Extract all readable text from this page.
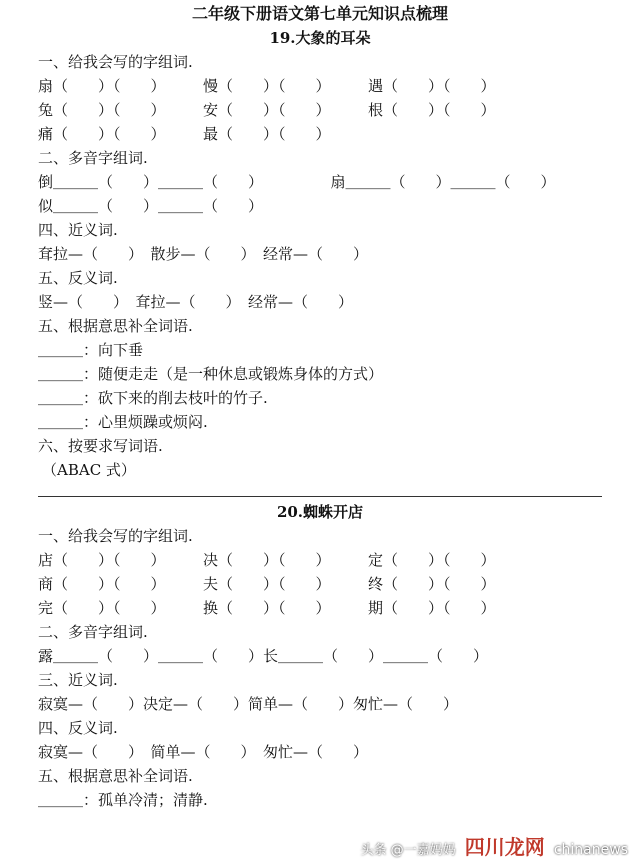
二年级下册语文第七单元知识点梳理
19.大象的耳朵
一、给我会写的字组词.
扇（　　）（　　）　　　慢（　　）（　　）　　　遇（　　）（　　）
兔（　　）（　　）　　　安（　　）（　　）　　　根（　　）（　　）
痛（　　）（　　）　　　最（　　）（　　）
二、多音字组词.
倒＿＿＿（　　）＿＿＿（　　）　　　　　扇＿＿＿（　　）＿＿＿（　　）
似＿＿＿（　　）＿＿＿（　　）
四、近义词.
耷拉—（　　）　散步—（　　）　经常—（　　）
五、反义词.
竖—（　　）　耷拉—（　　）　经常—（　　）
五、根据意思补全词语.
＿＿＿：向下垂
＿＿＿：随便走走（是一种休息或锻炼身体的方式）
＿＿＿：砍下来的削去枝叶的竹子.
＿＿＿：心里烦躁或烦闷.
六、按要求写词语.
（ABAC 式）
20.蜘蛛开店
一、给我会写的字组词.
店（　　）（　　）　　　决（　　）（　　）　　　定（　　）（　　）
商（　　）（　　）　　　夫（　　）（　　）　　　终（　　）（　　）
完（　　）（　　）　　　换（　　）（　　）　　　期（　　）（　　）
二、多音字组词.
露＿＿＿（　　）＿＿＿（　　）长＿＿＿（　　）＿＿＿（　　）
三、近义词.
寂寞—（　　）决定—（　　）简单—（　　）匆忙—（　　）
四、反义词.
寂寞—（　　）　简单—（　　）　匆忙—（　　）
五、根据意思补全词语.
＿＿＿：孤单冷清；清静.
头条 @一嘉妈妈 四川龙网 chinanews
